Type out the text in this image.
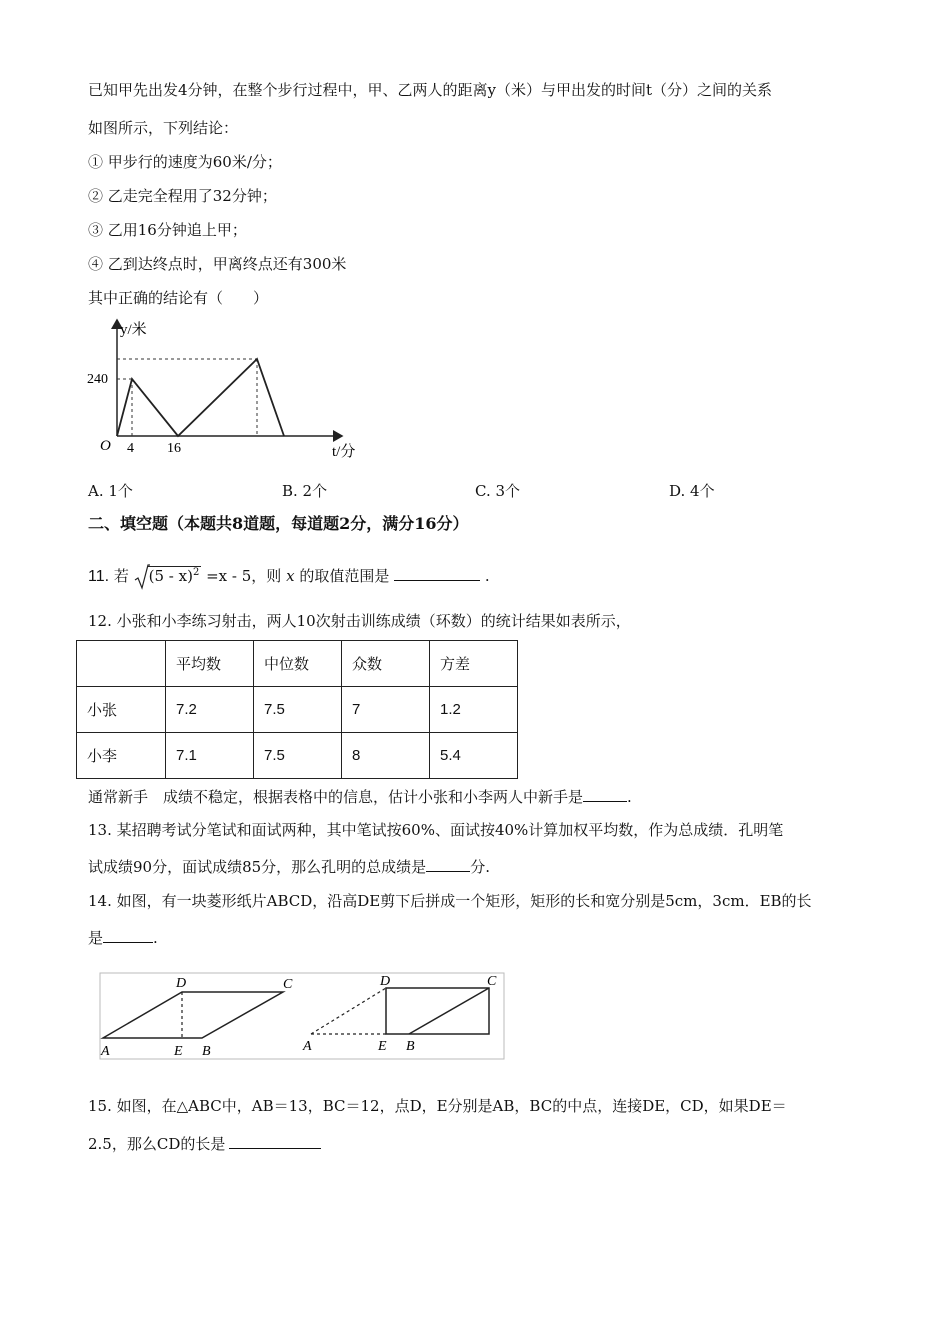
已知甲先出发4分钟，在整个步行过程中，甲、乙两人的距离y（米）与甲出发的时间t（分）之间的关系
如图所示，下列结论：
① 甲步行的速度为60米/分；
② 乙走完全程用了32分钟；
③ 乙用16分钟追上甲；
④ 乙到达终点时，甲离终点还有300米
其中正确的结论有（　　）
y/米
t/分
O
240
4 16
A. 1个	B. 2个	C. 3个	D. 4个
二、填空题（本题共8道题，每道题2分，满分16分）
11. 若 (5 - x)$^2$ =x - 5，则 x 的取值范围是	.
12. 小张和小李练习射击，两人10次射击训练成绩（环数）的统计结果如表所示，
	平均数	中位数	众数	方差
小张	7.2	7.5	7	1.2
小李	7.1	7.5	8	5.4
通常新手　成绩不稳定，根据表格中的信息，估计小张和小李两人中新手是	.
13. 某招聘考试分笔试和面试两种，其中笔试按60%、面试按40%计算加权平均数，作为总成绩．孔明笔
试成绩90分，面试成绩85分，那么孔明的总成绩是	分.
14. 如图，有一块菱形纸片ABCD，沿高DE剪下后拼成一个矩形，矩形的长和宽分别是5cm，3cm．EB的长
是	.
D	C
A	E B
D	C
A	E B
15. 如图，在△ABC中，AB＝13，BC＝12，点D，E分别是AB，BC的中点，连接DE，CD，如果DE＝
2.5，那么CD的长是
